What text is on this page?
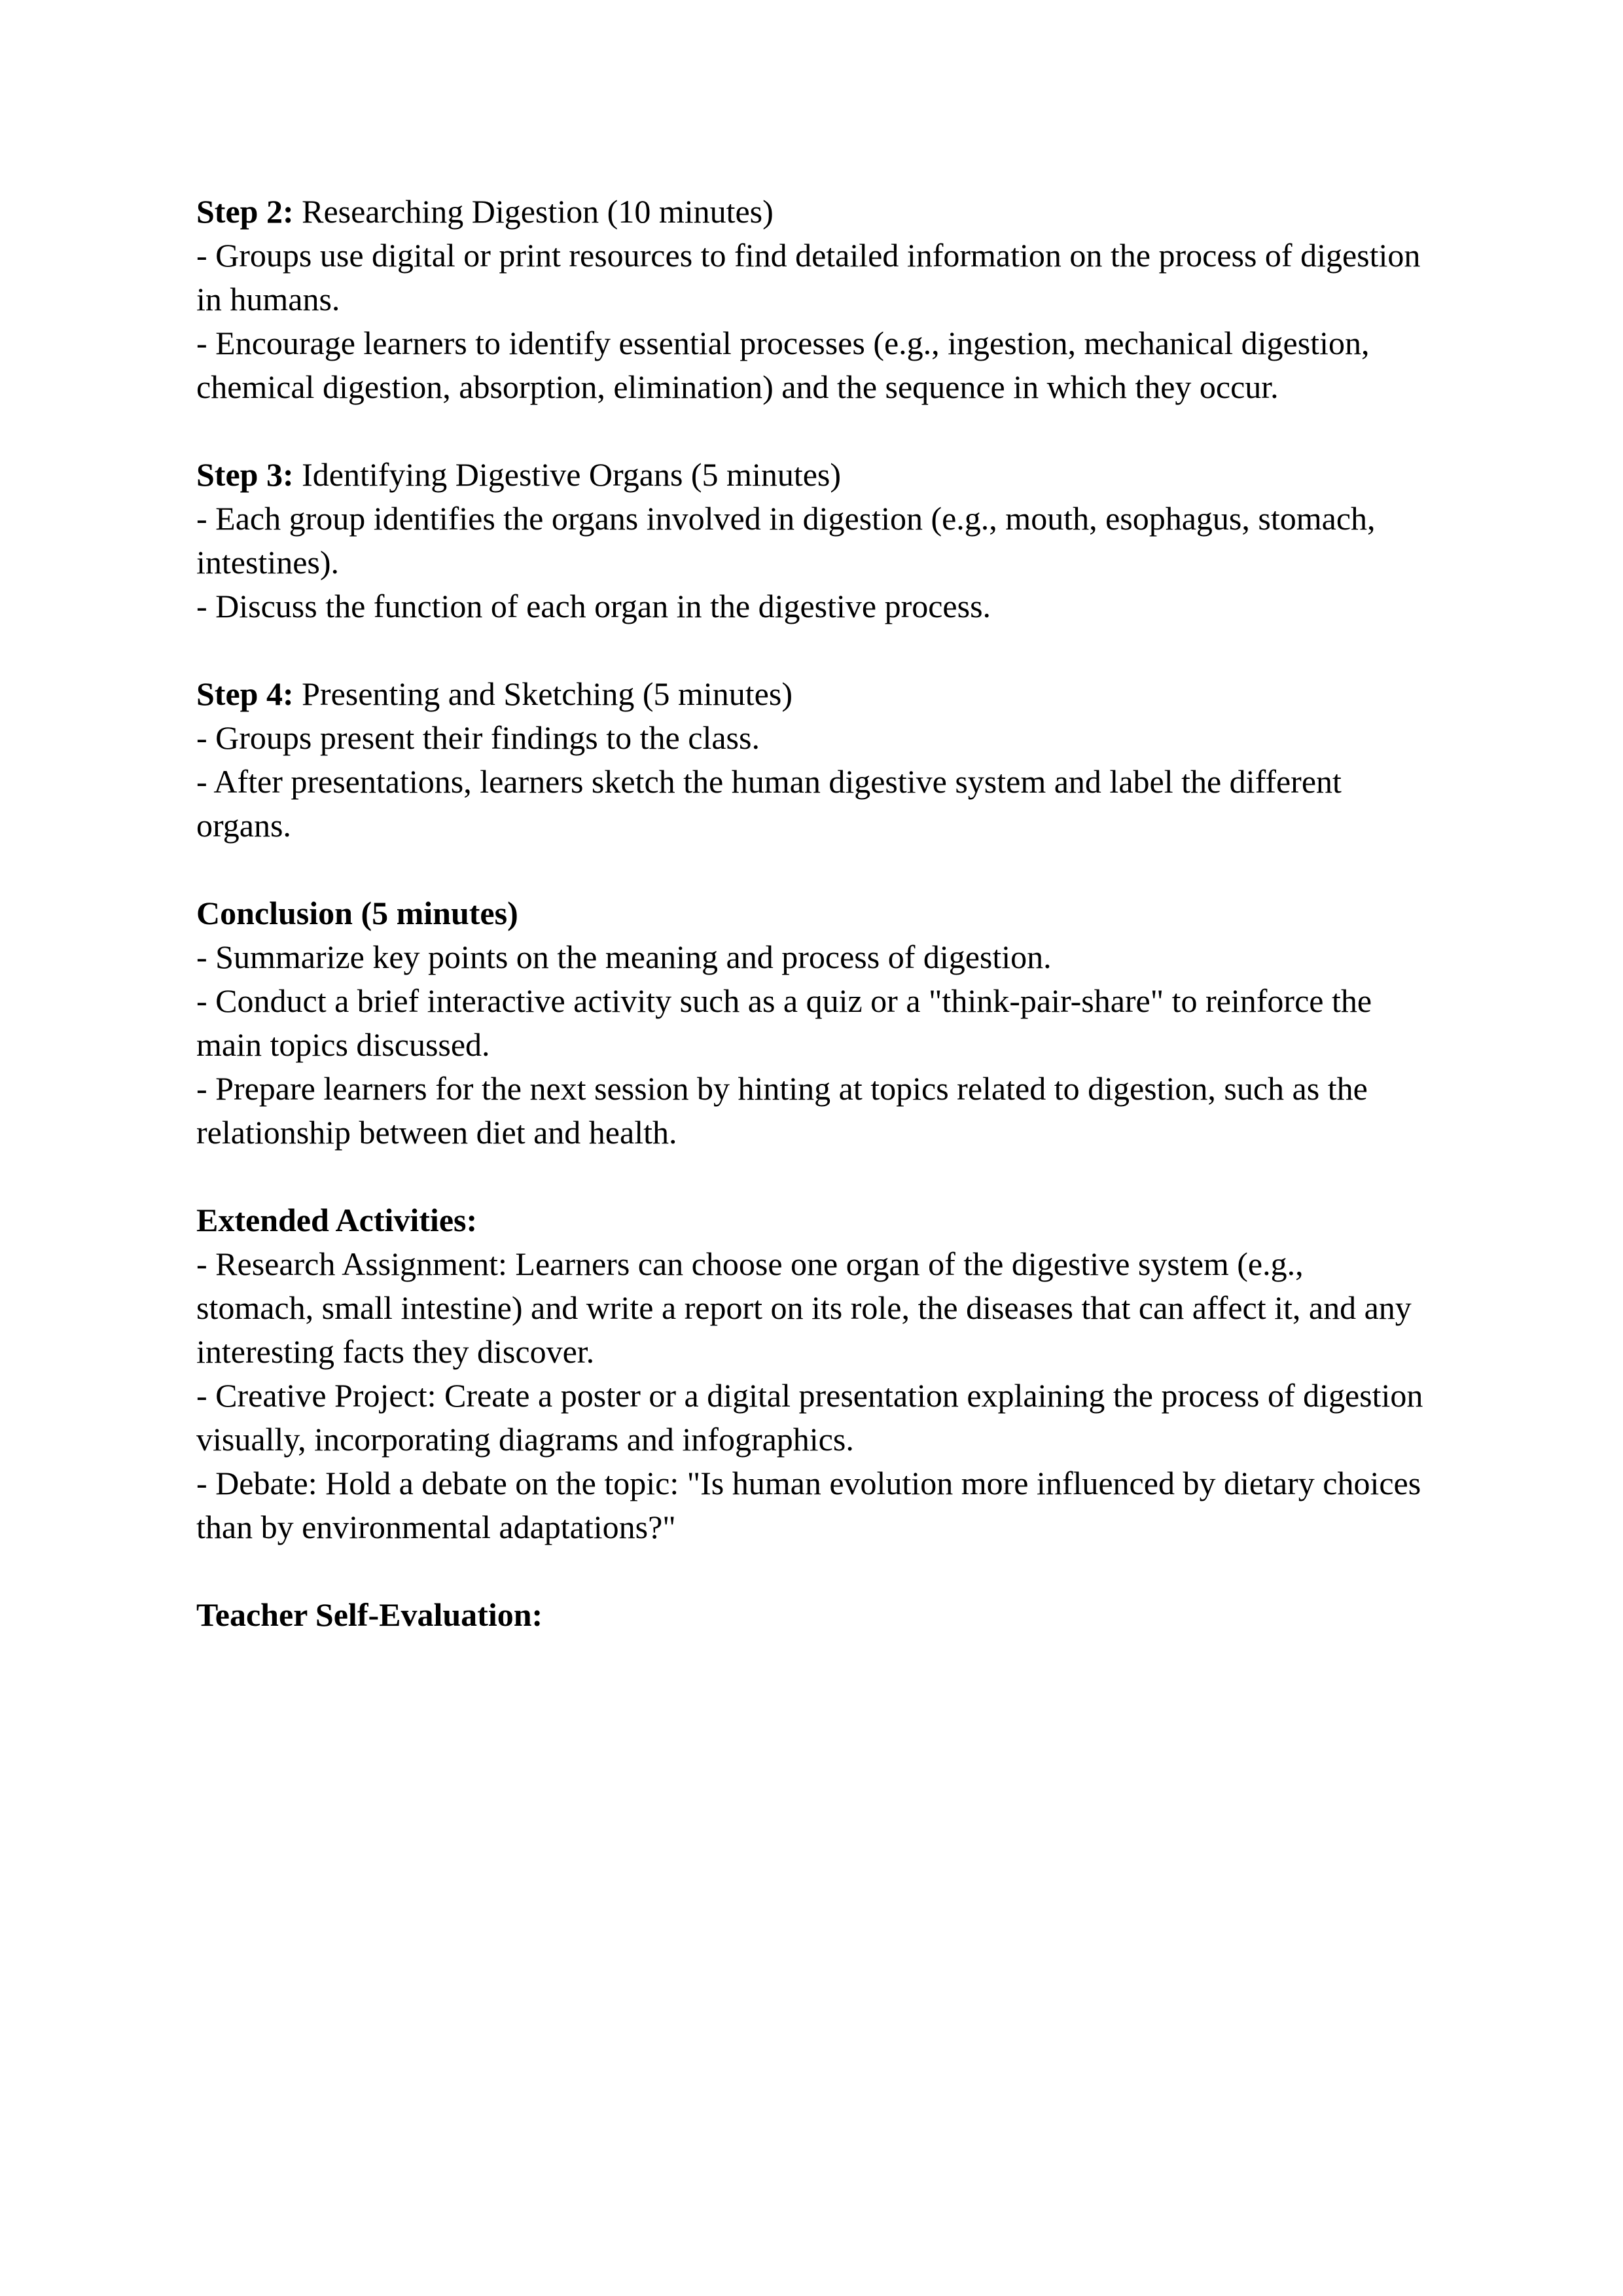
Step 2: Researching Digestion (10 minutes)
- Groups use digital or print resources to find detailed information on the process of digestion in humans.
- Encourage learners to identify essential processes (e.g., ingestion, mechanical digestion, chemical digestion, absorption, elimination) and the sequence in which they occur.
Step 3: Identifying Digestive Organs (5 minutes)
- Each group identifies the organs involved in digestion (e.g., mouth, esophagus, stomach, intestines).
- Discuss the function of each organ in the digestive process.
Step 4: Presenting and Sketching (5 minutes)
- Groups present their findings to the class.
- After presentations, learners sketch the human digestive system and label the different organs.
Conclusion (5 minutes)
- Summarize key points on the meaning and process of digestion.
- Conduct a brief interactive activity such as a quiz or a "think-pair-share" to reinforce the main topics discussed.
- Prepare learners for the next session by hinting at topics related to digestion, such as the relationship between diet and health.
Extended Activities:
- Research Assignment: Learners can choose one organ of the digestive system (e.g., stomach, small intestine) and write a report on its role, the diseases that can affect it, and any interesting facts they discover.
- Creative Project: Create a poster or a digital presentation explaining the process of digestion visually, incorporating diagrams and infographics.
- Debate: Hold a debate on the topic: "Is human evolution more influenced by dietary choices than by environmental adaptations?"
Teacher Self-Evaluation:
